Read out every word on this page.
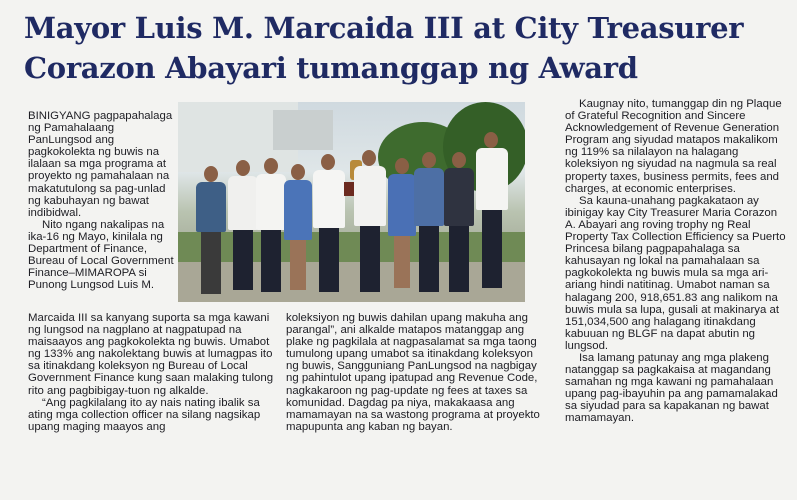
Mayor Luis M. Marcaida III at City Treasurer
Corazon Abayari tumanggap ng Award

BINIGYANG pagpapahalaga ng Pamahalaang PanLungsod ang pagkokolekta ng buwis na ilalaan sa mga programa at proyekto ng pamahalaan na makatutulong sa pag-unlad ng kabuhayan ng bawat indibidwal.

Nito ngang nakalipas na ika-16 ng Mayo, kinilala ng Department of Finance, Bureau of Local Government Finance–MIMAROPA si Punong Lungsod Luis M.

Marcaida III sa kanyang suporta sa mga kawani ng lungsod na nagplano at nagpatupad na maisaayos ang pagkokolekta ng buwis. Umabot ng 133% ang nakolektang buwis at lumagpas ito sa itinakdang koleksyon ng Bureau of Local Government Finance kung saan malaking tulong rito ang pagbibigay-tuon ng alkalde.

“Ang pagkilalang ito ay nais nating ibalik sa ating mga collection officer na silang nagsikap upang maging maayos ang

koleksiyon ng buwis dahilan upang makuha ang parangal”, ani alkalde matapos matanggap ang plake ng pagkilala at nagpasalamat sa mga taong tumulong upang umabot sa itinakdang koleksyon ng buwis, Sangguniang PanLungsod na nagbigay ng pahintulot upang ipatupad ang Revenue Code, nagkakaroon ng pag-update ng fees at taxes sa komunidad. Dagdag pa niya, makakaasa ang mamamayan na sa wastong programa at proyekto mapupunta ang kaban ng bayan.

Kaugnay nito, tumanggap din ng Plaque of Grateful Recognition and Sincere Acknowledgement of Revenue Generation Program ang siyudad matapos makalikom ng 119% sa nilalayon na halagang koleksiyon ng siyudad na nagmula sa real property taxes, business permits, fees and charges, at economic enterprises.

Sa kauna-unahang pagkakataon ay ibinigay kay City Treasurer Maria Corazon A. Abayari ang roving trophy ng Real Property Tax Collection Efficiency sa Puerto Princesa bilang pagpapahalaga sa kahusayan ng lokal na pamahalaan sa pagkokolekta ng buwis mula sa mga ari-ariang hindi natitinag. Umabot naman sa halagang 200, 918,651.83 ang nalikom na buwis mula sa lupa, gusali at makinarya at 151,034,500 ang halagang itinakdang kabuuan ng BLGF na dapat abutin ng lungsod.

Isa lamang patunay ang mga plakeng natanggap sa pagkakaisa at magandang samahan ng mga kawani ng pamahalaan upang pag-ibayuhin pa ang pamamalakad sa siyudad para sa kapakanan ng bawat mamamayan.
